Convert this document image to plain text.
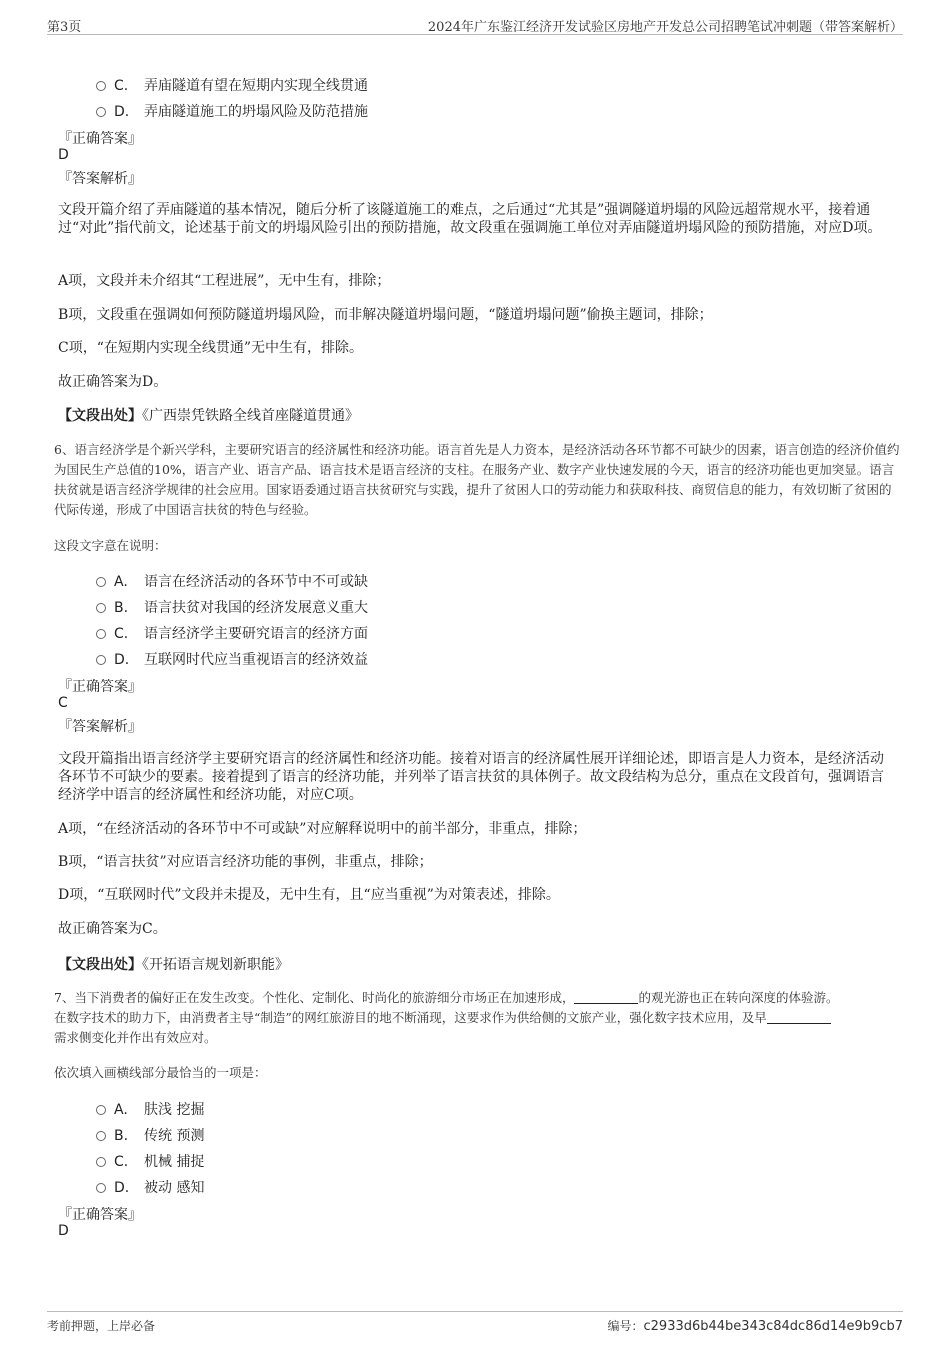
第3页	2024年广东鉴江经济开发试验区房地产开发总公司招聘笔试冲刺题（带答案解析）
C. 弄庙隧道有望在短期内实现全线贯通
D. 弄庙隧道施工的坍塌风险及防范措施
『正确答案』
D
『答案解析』
文段开篇介绍了弄庙隧道的基本情况，随后分析了该隧道施工的难点，之后通过“尤其是”强调隧道坍塌的风险远超常规水平，接着通过“对此”指代前文，论述基于前文的坍塌风险引出的预防措施，故文段重在强调施工单位对弄庙隧道坍塌风险的预防措施，对应D项。
A项，文段并未介绍其“工程进展”，无中生有，排除；
B项，文段重在强调如何预防隧道坍塌风险，而非解决隧道坍塌问题，“隧道坍塌问题”偷换主题词，排除；
C项，“在短期内实现全线贯通”无中生有，排除。
故正确答案为D。
【文段出处】《广西崇凭铁路全线首座隧道贯通》
6、语言经济学是个新兴学科，主要研究语言的经济属性和经济功能。语言首先是人力资本，是经济活动各环节都不可缺少的因素，语言创造的经济价值约为国民生产总值的10%，语言产业、语言产品、语言技术是语言经济的支柱。在服务产业、数字产业快速发展的今天，语言的经济功能也更加突显。语言扶贫就是语言经济学规律的社会应用。国家语委通过语言扶贫研究与实践，提升了贫困人口的劳动能力和获取科技、商贸信息的能力，有效切断了贫困的代际传递，形成了中国语言扶贫的特色与经验。
这段文字意在说明：
A. 语言在经济活动的各环节中不可或缺
B. 语言扶贫对我国的经济发展意义重大
C. 语言经济学主要研究语言的经济方面
D. 互联网时代应当重视语言的经济效益
『正确答案』
C
『答案解析』
文段开篇指出语言经济学主要研究语言的经济属性和经济功能。接着对语言的经济属性展开详细论述，即语言是人力资本，是经济活动各环节不可缺少的要素。接着提到了语言的经济功能，并列举了语言扶贫的具体例子。故文段结构为总分，重点在文段首句，强调语言经济学中语言的经济属性和经济功能，对应C项。
A项，“在经济活动的各环节中不可或缺”对应解释说明中的前半部分，非重点，排除；
B项，“语言扶贫”对应语言经济功能的事例，非重点，排除；
D项，“互联网时代”文段并未提及，无中生有，且“应当重视”为对策表述，排除。
故正确答案为C。
【文段出处】《开拓语言规划新职能》
7、当下消费者的偏好正在发生改变。个性化、定制化、时尚化的旅游细分市场正在加速形成，	的观光游也正在转向深度的体验游。
在数字技术的助力下，由消费者主导“制造”的网红旅游目的地不断涌现，这要求作为供给侧的文旅产业，强化数字技术应用，及早
需求侧变化并作出有效应对。
依次填入画横线部分最恰当的一项是：
A. 肤浅 挖掘
B. 传统 预测
C. 机械 捕捉
D. 被动 感知
『正确答案』
D
考前押题，上岸必备	编号：c2933d6b44be343c84dc86d14e9b9cb7
